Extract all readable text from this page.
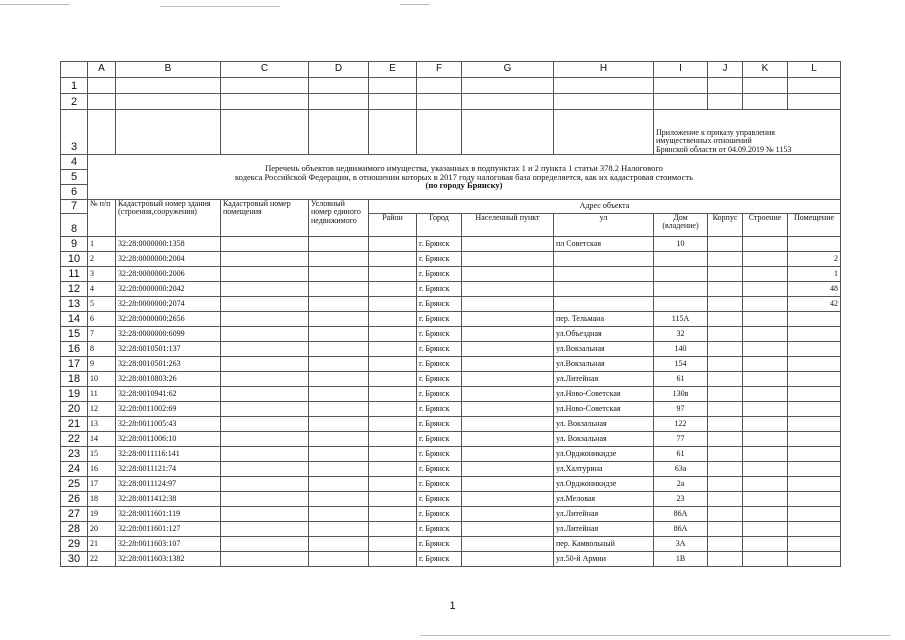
	A	B	C	D	E	F	G	H	I	J	K	L
1												
2												
3									Приложение к приказу управления
имущественных отношений
Брянской области от 04.09.2019 № 1153			

4	Перечень объектов недвижимого имущества, указанных в подпунктах 1 и 2 пункта 1 статьи 378.2 Налогового
кодекса Российской Федерации, в отношении которых в 2017 году налоговая база определяется, как их кадастровая стоимость
(по городу Брянску)											

5												
6												
7	№ п/п	Кадастровый номер здания (строения,сооружения)	Кадастровый номер помещения	Условный номер единого недвижимого	Адрес объекта							
8					Район	Город	Населенный пункт	ул	Дом (владение)	Корпус	Строение	Помещение
9	1	32:28:0000000:1358				г. Брянск		пл Советская	10			
10	2	32:28:0000000:2004				г. Брянск						2
11	3	32:28:0000000:2006				г. Брянск						1
12	4	32:28:0000000:2042				г. Брянск						48
13	5	32:28:0000000:2074				г. Брянск						42
14	6	32:28:0000000:2656				г. Брянск		пер. Тельмана	115А			
15	7	32:28:0000000:6099				г. Брянск		ул.Объездная	32			
16	8	32:28:0010501:137				г. Брянск		ул.Вокзальная	140			
17	9	32:28:0010501:263				г. Брянск		ул.Вокзальная	154			
18	10	32:28:0010803:26				г. Брянск		ул.Литейная	61			
19	11	32:28:0010941:62				г. Брянск		ул.Ново-Советская	130в			
20	12	32:28:0011002:69				г. Брянск		ул.Ново-Советская	97			
21	13	32:28:0011005:43				г. Брянск		ул. Вокзальная	122			
22	14	32:28:0011006:10				г. Брянск		ул. Вокзальная	77			
23	15	32:28:0011116:141				г. Брянск		ул.Орджоникидзе	61			
24	16	32:28:0011121:74				г. Брянск		ул.Халтурина	63а			
25	17	32:28:0011124:97				г. Брянск		ул.Орджоникидзе	2а			
26	18	32:28:0011412:38				г. Брянск		ул.Меловая	23			
27	19	32:28:0011601:119				г. Брянск		ул.Литейная	86А			
28	20	32:28:0011601:127				г. Брянск		ул.Литейная	86А			
29	21	32:28:0011603:107				г. Брянск		пер. Камвольный	3А			
30	22	32:28:0011603:1382				г. Брянск		ул.50-й Армии	1В			
1
